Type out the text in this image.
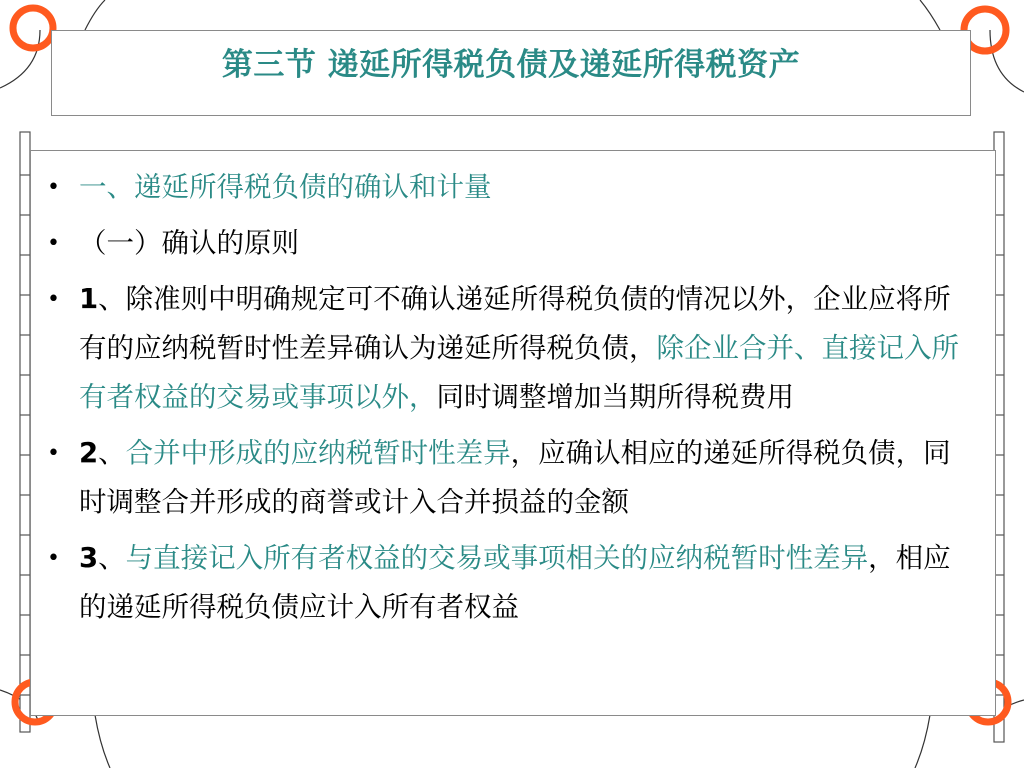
第三节 递延所得税负债及递延所得税资产
• 一、递延所得税负债的确认和计量
• （一）确认的原则
• 1、除准则中明确规定可不确认递延所得税负债的情况以外，企业应将所有的应纳税暂时性差异确认为递延所得税负债，除企业合并、直接记入所有者权益的交易或事项以外，同时调整增加当期所得税费用
• 2、合并中形成的应纳税暂时性差异，应确认相应的递延所得税负债，同时调整合并形成的商誉或计入合并损益的金额
• 3、与直接记入所有者权益的交易或事项相关的应纳税暂时性差异，相应的递延所得税负债应计入所有者权益
